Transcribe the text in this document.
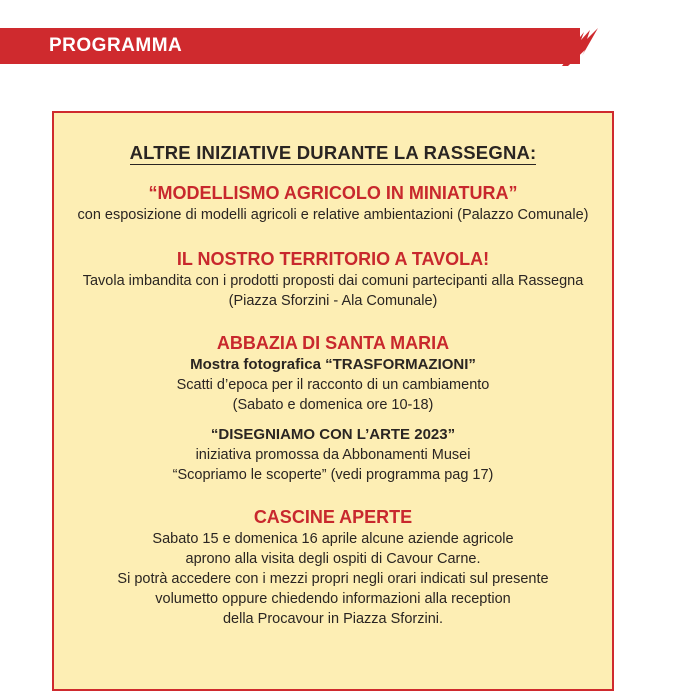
PROGRAMMA
ALTRE INIZIATIVE DURANTE LA RASSEGNA:
“MODELLISMO AGRICOLO IN MINIATURA”
con esposizione di modelli agricoli e relative ambientazioni (Palazzo Comunale)
IL NOSTRO TERRITORIO A TAVOLA!
Tavola imbandita con i prodotti proposti dai comuni partecipanti alla Rassegna
(Piazza Sforzini - Ala Comunale)
ABBAZIA DI SANTA MARIA
Mostra fotografica “TRASFORMAZIONI”
Scatti d’epoca per il racconto di un cambiamento
(Sabato e domenica ore 10-18)
“DISEGNIAMO CON L’ARTE 2023”
iniziativa promossa da Abbonamenti Musei
“Scopriamo le scoperte” (vedi programma pag 17)
CASCINE APERTE
Sabato 15 e domenica 16 aprile alcune aziende agricole
aprono alla visita degli ospiti di Cavour Carne.
Si potrà accedere con i mezzi propri negli orari indicati sul presente
volumetto oppure chiedendo informazioni alla reception
della Procavour in Piazza Sforzini.
